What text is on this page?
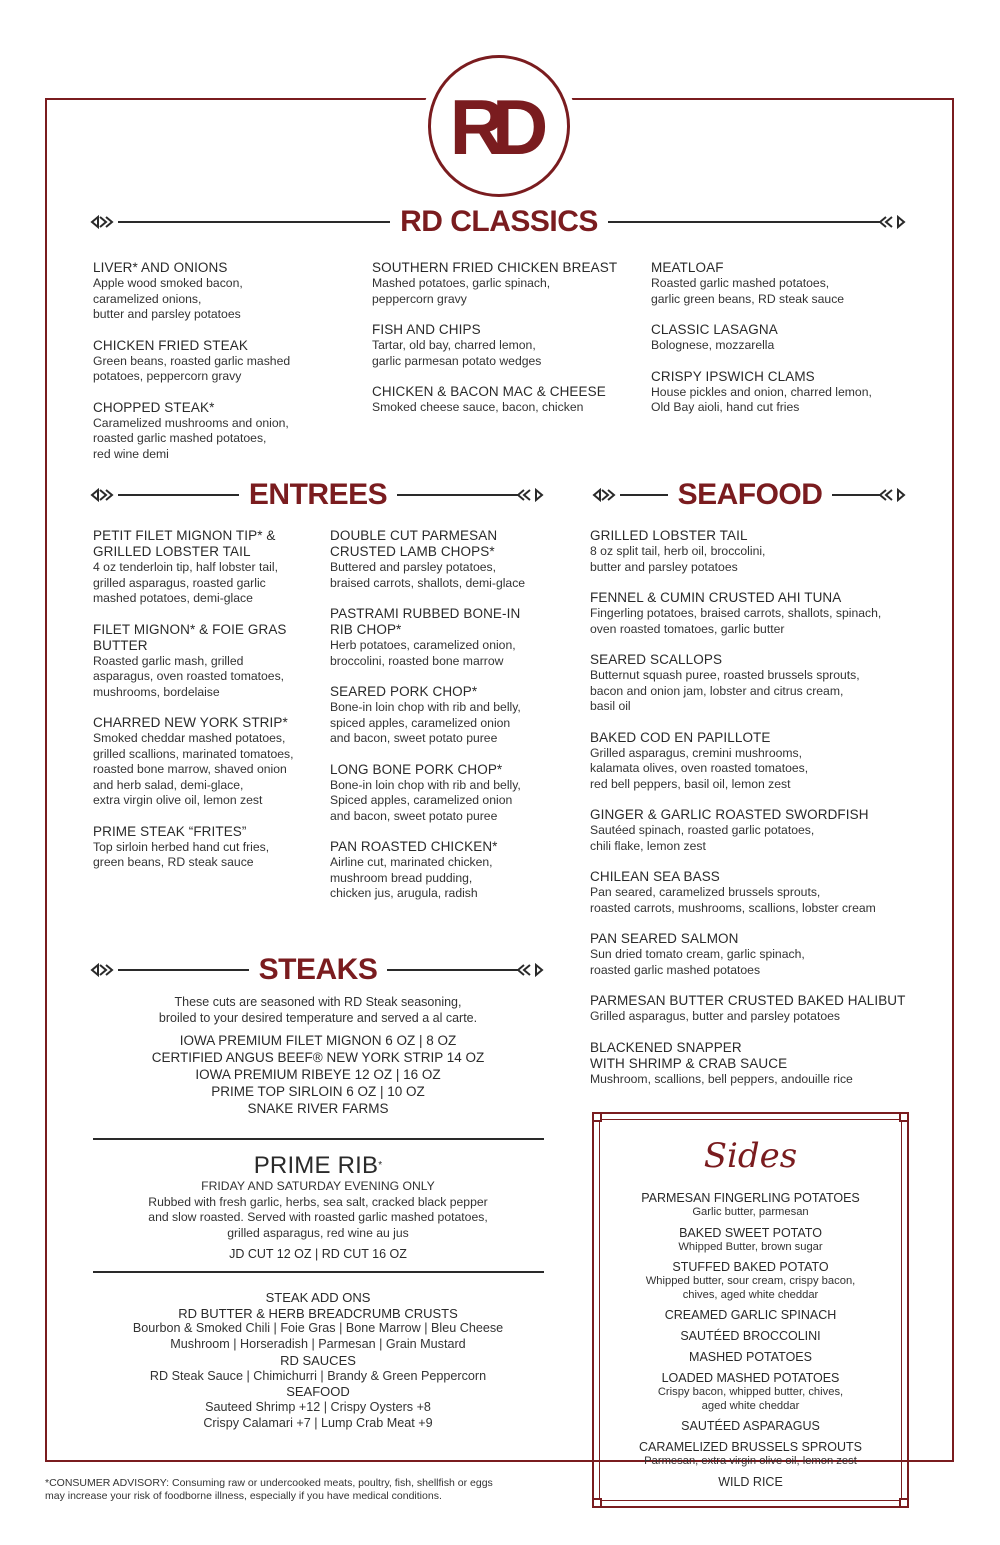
RD
RD CLASSICS
LIVER* AND ONIONS
Apple wood smoked bacon,
caramelized onions,
butter and parsley potatoes
CHICKEN FRIED STEAK
Green beans, roasted garlic mashed
potatoes, peppercorn gravy
CHOPPED STEAK*
Caramelized mushrooms and onion,
roasted garlic mashed potatoes,
red wine demi
SOUTHERN FRIED CHICKEN BREAST
Mashed potatoes, garlic spinach,
peppercorn gravy
FISH AND CHIPS
Tartar, old bay, charred lemon,
garlic parmesan potato wedges
CHICKEN & BACON MAC & CHEESE
Smoked cheese sauce, bacon, chicken
MEATLOAF
Roasted garlic mashed potatoes,
garlic green beans, RD steak sauce
CLASSIC LASAGNA
Bolognese, mozzarella
CRISPY IPSWICH CLAMS
House pickles and onion, charred lemon,
Old Bay aioli, hand cut fries
ENTREES	SEAFOOD
PETIT FILET MIGNON TIP* &
GRILLED LOBSTER TAIL
4 oz tenderloin tip, half lobster tail,
grilled asparagus, roasted garlic
mashed potatoes, demi-glace
FILET MIGNON* & FOIE GRAS
BUTTER
Roasted garlic mash, grilled
asparagus, oven roasted tomatoes,
mushrooms, bordelaise
CHARRED NEW YORK STRIP*
Smoked cheddar mashed potatoes,
grilled scallions, marinated tomatoes,
roasted bone marrow, shaved onion
and herb salad, demi-glace,
extra virgin olive oil, lemon zest
PRIME STEAK “FRITES”
Top sirloin herbed hand cut fries,
green beans, RD steak sauce
DOUBLE CUT PARMESAN
CRUSTED LAMB CHOPS*
Buttered and parsley potatoes,
braised carrots, shallots, demi-glace
PASTRAMI RUBBED BONE-IN
RIB CHOP*
Herb potatoes, caramelized onion,
broccolini, roasted bone marrow
SEARED PORK CHOP*
Bone-in loin chop with rib and belly,
spiced apples, caramelized onion
and bacon, sweet potato puree
LONG BONE PORK CHOP*
Bone-in loin chop with rib and belly,
Spiced apples, caramelized onion
and bacon, sweet potato puree
PAN ROASTED CHICKEN*
Airline cut, marinated chicken,
mushroom bread pudding,
chicken jus, arugula, radish
GRILLED LOBSTER TAIL
8 oz split tail, herb oil, broccolini,
butter and parsley potatoes
FENNEL & CUMIN CRUSTED AHI TUNA
Fingerling potatoes, braised carrots, shallots, spinach,
oven roasted tomatoes, garlic butter
SEARED SCALLOPS
Butternut squash puree, roasted brussels sprouts,
bacon and onion jam, lobster and citrus cream,
basil oil
BAKED COD EN PAPILLOTE
Grilled asparagus, cremini mushrooms,
kalamata olives, oven roasted tomatoes,
red bell peppers, basil oil, lemon zest
GINGER & GARLIC ROASTED SWORDFISH
Sautéed spinach, roasted garlic potatoes,
chili flake, lemon zest
CHILEAN SEA BASS
Pan seared, caramelized brussels sprouts,
roasted carrots, mushrooms, scallions, lobster cream
PAN SEARED SALMON
Sun dried tomato cream, garlic spinach,
roasted garlic mashed potatoes
PARMESAN BUTTER CRUSTED BAKED HALIBUT
Grilled asparagus, butter and parsley potatoes
BLACKENED SNAPPER
WITH SHRIMP & CRAB SAUCE
Mushroom, scallions, bell peppers, andouille rice
STEAKS
These cuts are seasoned with RD Steak seasoning,
broiled to your desired temperature and served a al carte.
IOWA PREMIUM FILET MIGNON 6 OZ | 8 OZ
CERTIFIED ANGUS BEEF® NEW YORK STRIP 14 OZ
IOWA PREMIUM RIBEYE 12 OZ | 16 OZ
PRIME TOP SIRLOIN 6 OZ | 10 OZ
SNAKE RIVER FARMS
PRIME RIB*
FRIDAY AND SATURDAY EVENING ONLY
Rubbed with fresh garlic, herbs, sea salt, cracked black pepper
and slow roasted. Served with roasted garlic mashed potatoes,
grilled asparagus, red wine au jus
JD CUT 12 OZ | RD CUT 16 OZ
STEAK ADD ONS
RD BUTTER & HERB BREADCRUMB CRUSTS
Bourbon & Smoked Chili | Foie Gras | Bone Marrow | Bleu Cheese
Mushroom | Horseradish | Parmesan | Grain Mustard
RD SAUCES
RD Steak Sauce | Chimichurri | Brandy & Green Peppercorn
SEAFOOD
Sauteed Shrimp +12 | Crispy Oysters +8
Crispy Calamari +7 | Lump Crab Meat +9
Sides
PARMESAN FINGERLING POTATOES
Garlic butter, parmesan
BAKED SWEET POTATO
Whipped Butter, brown sugar
STUFFED BAKED POTATO
Whipped butter, sour cream, crispy bacon,
chives, aged white cheddar
CREAMED GARLIC SPINACH
SAUTÉED BROCCOLINI
MASHED POTATOES
LOADED MASHED POTATOES
Crispy bacon, whipped butter, chives,
aged white cheddar
SAUTÉED ASPARAGUS
CARAMELIZED BRUSSELS SPROUTS
Parmesan, extra virgin olive oil, lemon zest
WILD RICE
*CONSUMER ADVISORY: Consuming raw or undercooked meats, poultry, fish, shellfish or eggs
may increase your risk of foodborne illness, especially if you have medical conditions.
